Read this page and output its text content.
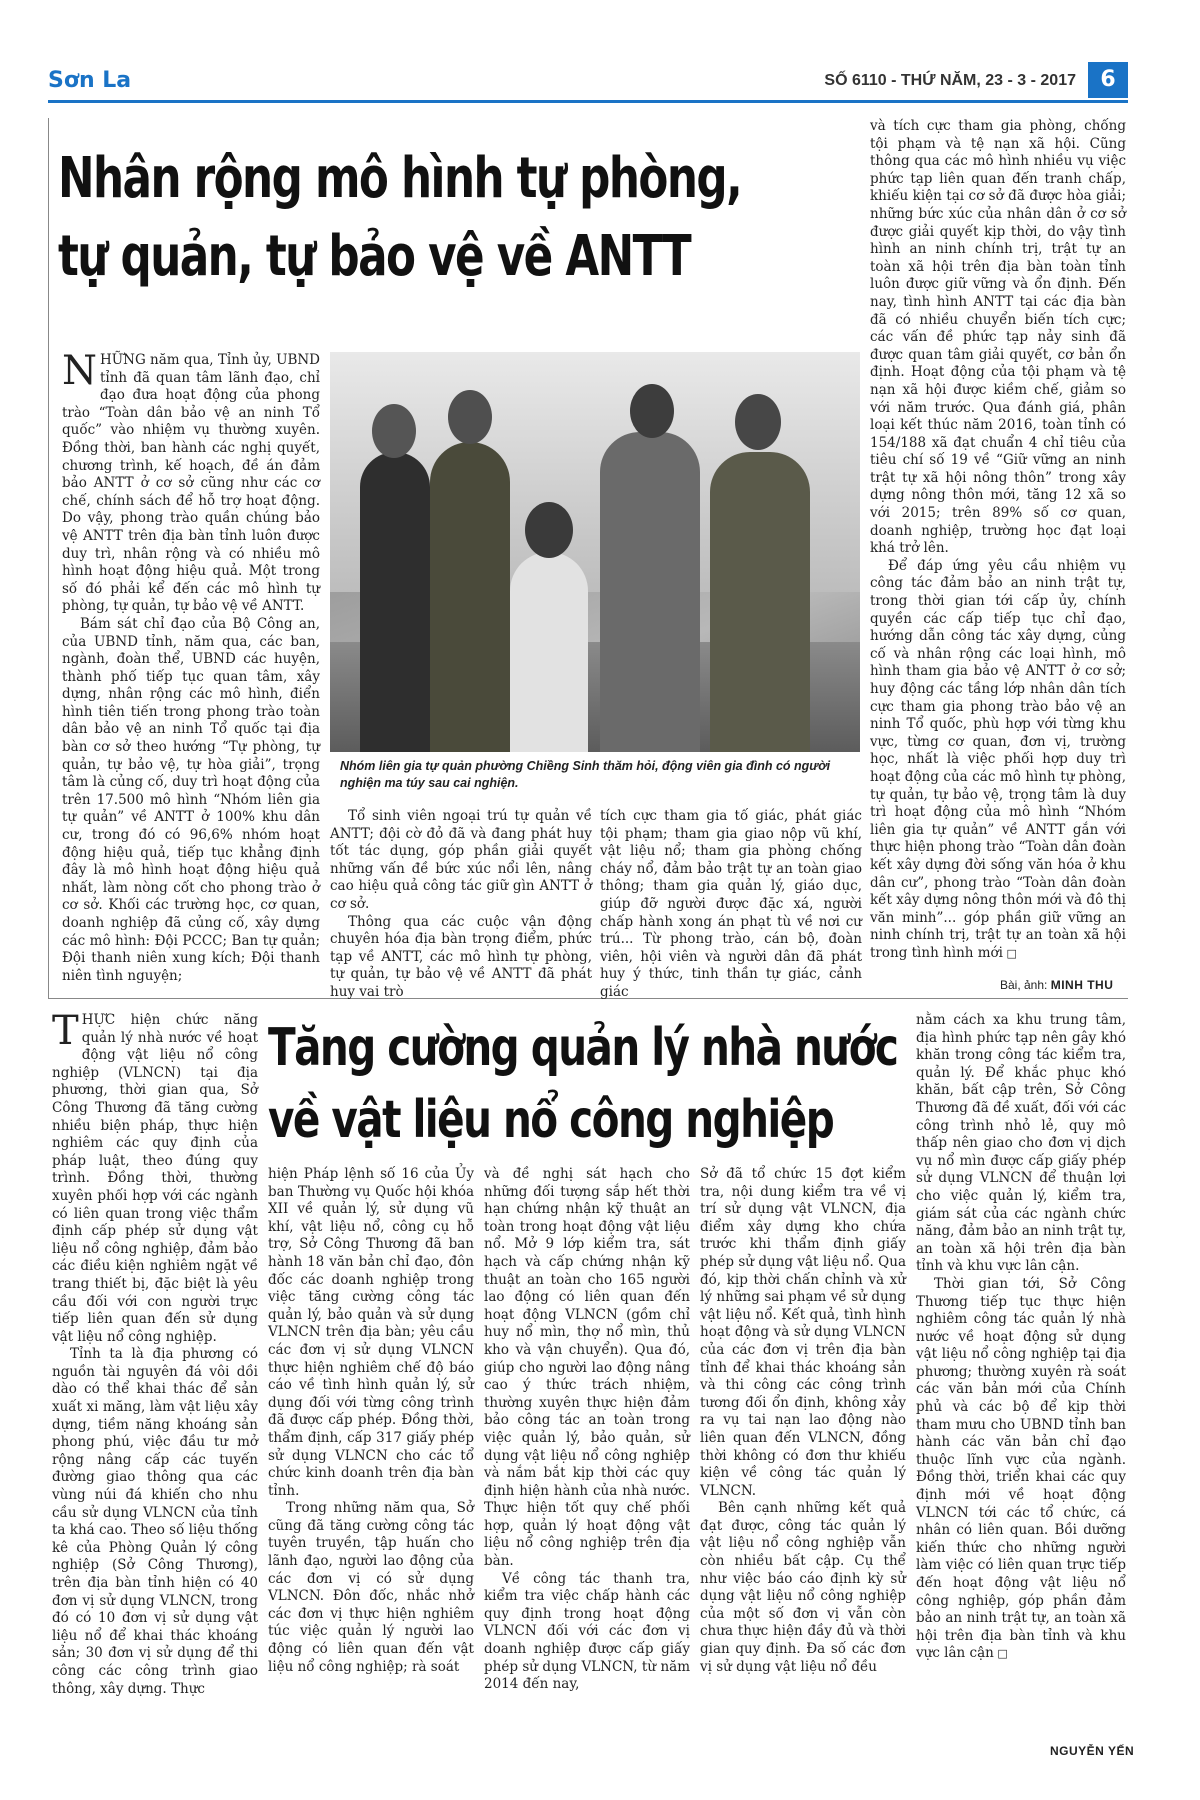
Sơn La	SỐ 6110 - THỨ NĂM, 23 - 3 - 2017	6
Nhân rộng mô hình tự phòng,
tự quản, tự bảo vệ về ANTT

NHỮNG năm qua, Tỉnh ủy, UBND tỉnh đã quan tâm lãnh đạo, chỉ đạo đưa hoạt động của phong trào “Toàn dân bảo vệ an ninh Tổ quốc” vào nhiệm vụ thường xuyên. Đồng thời, ban hành các nghị quyết, chương trình, kế hoạch, đề án đảm bảo ANTT ở cơ sở cũng như các cơ chế, chính sách để hỗ trợ hoạt động. Do vậy, phong trào quần chúng bảo vệ ANTT trên địa bàn tỉnh luôn được duy trì, nhân rộng và có nhiều mô hình hoạt động hiệu quả. Một trong số đó phải kể đến các mô hình tự phòng, tự quản, tự bảo vệ về ANTT.

Bám sát chỉ đạo của Bộ Công an, của UBND tỉnh, năm qua, các ban, ngành, đoàn thể, UBND các huyện, thành phố tiếp tục quan tâm, xây dựng, nhân rộng các mô hình, điển hình tiên tiến trong phong trào toàn dân bảo vệ an ninh Tổ quốc tại địa bàn cơ sở theo hướng “Tự phòng, tự quản, tự bảo vệ, tự hòa giải”, trọng tâm là củng cố, duy trì hoạt động của trên 17.500 mô hình “Nhóm liên gia tự quản” về ANTT ở 100% khu dân cư, trong đó có 96,6% nhóm hoạt động hiệu quả, tiếp tục khẳng định đây là mô hình hoạt động hiệu quả nhất, làm nòng cốt cho phong trào ở cơ sở. Khối các trường học, cơ quan, doanh nghiệp đã củng cố, xây dựng các mô hình: Đội PCCC; Ban tự quản; Đội thanh niên xung kích; Đội thanh niên tình nguyện;

Nhóm liên gia tự quản phường Chiềng Sinh thăm hỏi, động viên gia đình có người nghiện ma túy sau cai nghiện.

Tổ sinh viên ngoại trú tự quản về ANTT; đội cờ đỏ đã và đang phát huy tốt tác dụng, góp phần giải quyết những vấn đề bức xúc nổi lên, nâng cao hiệu quả công tác giữ gìn ANTT ở cơ sở.

Thông qua các cuộc vận động chuyên hóa địa bàn trọng điểm, phức tạp về ANTT, các mô hình tự phòng, tự quản, tự bảo vệ về ANTT đã phát huy vai trò

tích cực tham gia tố giác, phát giác tội phạm; tham gia giao nộp vũ khí, vật liệu nổ; tham gia phòng chống cháy nổ, đảm bảo trật tự an toàn giao thông; tham gia quản lý, giáo dục, giúp đỡ người được đặc xá, người chấp hành xong án phạt tù về nơi cư trú... Từ phong trào, cán bộ, đoàn viên, hội viên và người dân đã phát huy ý thức, tinh thần tự giác, cảnh giác

và tích cực tham gia phòng, chống tội phạm và tệ nạn xã hội. Cũng thông qua các mô hình nhiều vụ việc phức tạp liên quan đến tranh chấp, khiếu kiện tại cơ sở đã được hòa giải; những bức xúc của nhân dân ở cơ sở được giải quyết kịp thời, do vậy tình hình an ninh chính trị, trật tự an toàn xã hội trên địa bàn toàn tỉnh luôn được giữ vững và ổn định. Đến nay, tình hình ANTT tại các địa bàn đã có nhiều chuyển biến tích cực; các vấn đề phức tạp nảy sinh đã được quan tâm giải quyết, cơ bản ổn định. Hoạt động của tội phạm và tệ nạn xã hội được kiềm chế, giảm so với năm trước. Qua đánh giá, phân loại kết thúc năm 2016, toàn tỉnh có 154/188 xã đạt chuẩn 4 chỉ tiêu của tiêu chí số 19 về “Giữ vững an ninh trật tự xã hội nông thôn” trong xây dựng nông thôn mới, tăng 12 xã so với 2015; trên 89% số cơ quan, doanh nghiệp, trường học đạt loại khá trở lên.

Để đáp ứng yêu cầu nhiệm vụ công tác đảm bảo an ninh trật tự, trong thời gian tới cấp ủy, chính quyền các cấp tiếp tục chỉ đạo, hướng dẫn công tác xây dựng, củng cố và nhân rộng các loại hình, mô hình tham gia bảo vệ ANTT ở cơ sở; huy động các tầng lớp nhân dân tích cực tham gia phong trào bảo vệ an ninh Tổ quốc, phù hợp với từng khu vực, từng cơ quan, đơn vị, trường học, nhất là việc phối hợp duy trì hoạt động của các mô hình tự phòng, tự quản, tự bảo vệ, trọng tâm là duy trì hoạt động của mô hình “Nhóm liên gia tự quản” về ANTT gắn với thực hiện phong trào “Toàn dân đoàn kết xây dựng đời sống văn hóa ở khu dân cư”, phong trào “Toàn dân đoàn kết xây dựng nông thôn mới và đô thị văn minh”... góp phần giữ vững an ninh chính trị, trật tự an toàn xã hội trong tình hình mới □

Bài, ảnh: MINH THU
Tăng cường quản lý nhà nước
về vật liệu nổ công nghiệp

THỰC hiện chức năng quản lý nhà nước về hoạt động vật liệu nổ công nghiệp (VLNCN) tại địa phương, thời gian qua, Sở Công Thương đã tăng cường nhiều biện pháp, thực hiện nghiêm các quy định của pháp luật, theo đúng quy trình. Đồng thời, thường xuyên phối hợp với các ngành có liên quan trong việc thẩm định cấp phép sử dụng vật liệu nổ công nghiệp, đảm bảo các điều kiện nghiêm ngặt về trang thiết bị, đặc biệt là yêu cầu đối với con người trực tiếp liên quan đến sử dụng vật liệu nổ công nghiệp.

Tỉnh ta là địa phương có nguồn tài nguyên đá vôi dồi dào có thể khai thác để sản xuất xi măng, làm vật liệu xây dựng, tiềm năng khoáng sản phong phú, việc đầu tư mở rộng nâng cấp các tuyến đường giao thông qua các vùng núi đá khiến cho nhu cầu sử dụng VLNCN của tỉnh ta khá cao. Theo số liệu thống kê của Phòng Quản lý công nghiệp (Sở Công Thương), trên địa bàn tỉnh hiện có 40 đơn vị sử dụng VLNCN, trong đó có 10 đơn vị sử dụng vật liệu nổ để khai thác khoáng sản; 30 đơn vị sử dụng để thi công các công trình giao thông, xây dựng. Thực

hiện Pháp lệnh số 16 của Ủy ban Thường vụ Quốc hội khóa XII về quản lý, sử dụng vũ khí, vật liệu nổ, công cụ hỗ trợ, Sở Công Thương đã ban hành 18 văn bản chỉ đạo, đôn đốc các doanh nghiệp trong việc tăng cường công tác quản lý, bảo quản và sử dụng VLNCN trên địa bàn; yêu cầu các đơn vị sử dụng VLNCN thực hiện nghiêm chế độ báo cáo về tình hình quản lý, sử dụng đối với từng công trình đã được cấp phép. Đồng thời, thẩm định, cấp 317 giấy phép sử dụng VLNCN cho các tổ chức kinh doanh trên địa bàn tỉnh.

Trong những năm qua, Sở cũng đã tăng cường công tác tuyên truyền, tập huấn cho lãnh đạo, người lao động của các đơn vị có sử dụng VLNCN. Đôn đốc, nhắc nhở các đơn vị thực hiện nghiêm túc việc quản lý người lao động có liên quan đến vật liệu nổ công nghiệp; rà soát

và đề nghị sát hạch cho những đối tượng sắp hết thời hạn chứng nhận kỹ thuật an toàn trong hoạt động vật liệu nổ. Mở 9 lớp kiểm tra, sát hạch và cấp chứng nhận kỹ thuật an toàn cho 165 người lao động có liên quan đến hoạt động VLNCN (gồm chỉ huy nổ mìn, thợ nổ mìn, thủ kho và vận chuyển). Qua đó, giúp cho người lao động nâng cao ý thức trách nhiệm, thường xuyên thực hiện đảm bảo công tác an toàn trong việc quản lý, bảo quản, sử dụng vật liệu nổ công nghiệp và nắm bắt kịp thời các quy định hiện hành của nhà nước. Thực hiện tốt quy chế phối hợp, quản lý hoạt động vật liệu nổ công nghiệp trên địa bàn.

Về công tác thanh tra, kiểm tra việc chấp hành các quy định trong hoạt động VLNCN đối với các đơn vị doanh nghiệp được cấp giấy phép sử dụng VLNCN, từ năm 2014 đến nay,

Sở đã tổ chức 15 đợt kiểm tra, nội dung kiểm tra về vị trí sử dụng vật VLNCN, địa điểm xây dựng kho chứa trước khi thẩm định giấy phép sử dụng vật liệu nổ. Qua đó, kịp thời chấn chỉnh và xử lý những sai phạm về sử dụng vật liệu nổ. Kết quả, tình hình hoạt động và sử dụng VLNCN của các đơn vị trên địa bàn tỉnh để khai thác khoáng sản và thi công các công trình tương đối ổn định, không xảy ra vụ tai nạn lao động nào liên quan đến VLNCN, đồng thời không có đơn thư khiếu kiện về công tác quản lý VLNCN.

Bên cạnh những kết quả đạt được, công tác quản lý vật liệu nổ công nghiệp vẫn còn nhiều bất cập. Cụ thể như việc báo cáo định kỳ sử dụng vật liệu nổ công nghiệp của một số đơn vị vẫn còn chưa thực hiện đầy đủ và thời gian quy định. Đa số các đơn vị sử dụng vật liệu nổ đều

nằm cách xa khu trung tâm, địa hình phức tạp nên gây khó khăn trong công tác kiểm tra, quản lý. Để khắc phục khó khăn, bất cập trên, Sở Công Thương đã đề xuất, đối với các công trình nhỏ lẻ, quy mô thấp nên giao cho đơn vị dịch vụ nổ mìn được cấp giấy phép sử dụng VLNCN để thuận lợi cho việc quản lý, kiểm tra, giám sát của các ngành chức năng, đảm bảo an ninh trật tự, an toàn xã hội trên địa bàn tỉnh và khu vực lân cận.

Thời gian tới, Sở Công Thương tiếp tục thực hiện nghiêm công tác quản lý nhà nước về hoạt động sử dụng vật liệu nổ công nghiệp tại địa phương; thường xuyên rà soát các văn bản mới của Chính phủ và các bộ để kịp thời tham mưu cho UBND tỉnh ban hành các văn bản chỉ đạo thuộc lĩnh vực của ngành. Đồng thời, triển khai các quy định mới về hoạt động VLNCN tới các tổ chức, cá nhân có liên quan. Bồi dưỡng kiến thức cho những người làm việc có liên quan trực tiếp đến hoạt động vật liệu nổ công nghiệp, góp phần đảm bảo an ninh trật tự, an toàn xã hội trên địa bàn tỉnh và khu vực lân cận □

NGUYỄN YẾN
